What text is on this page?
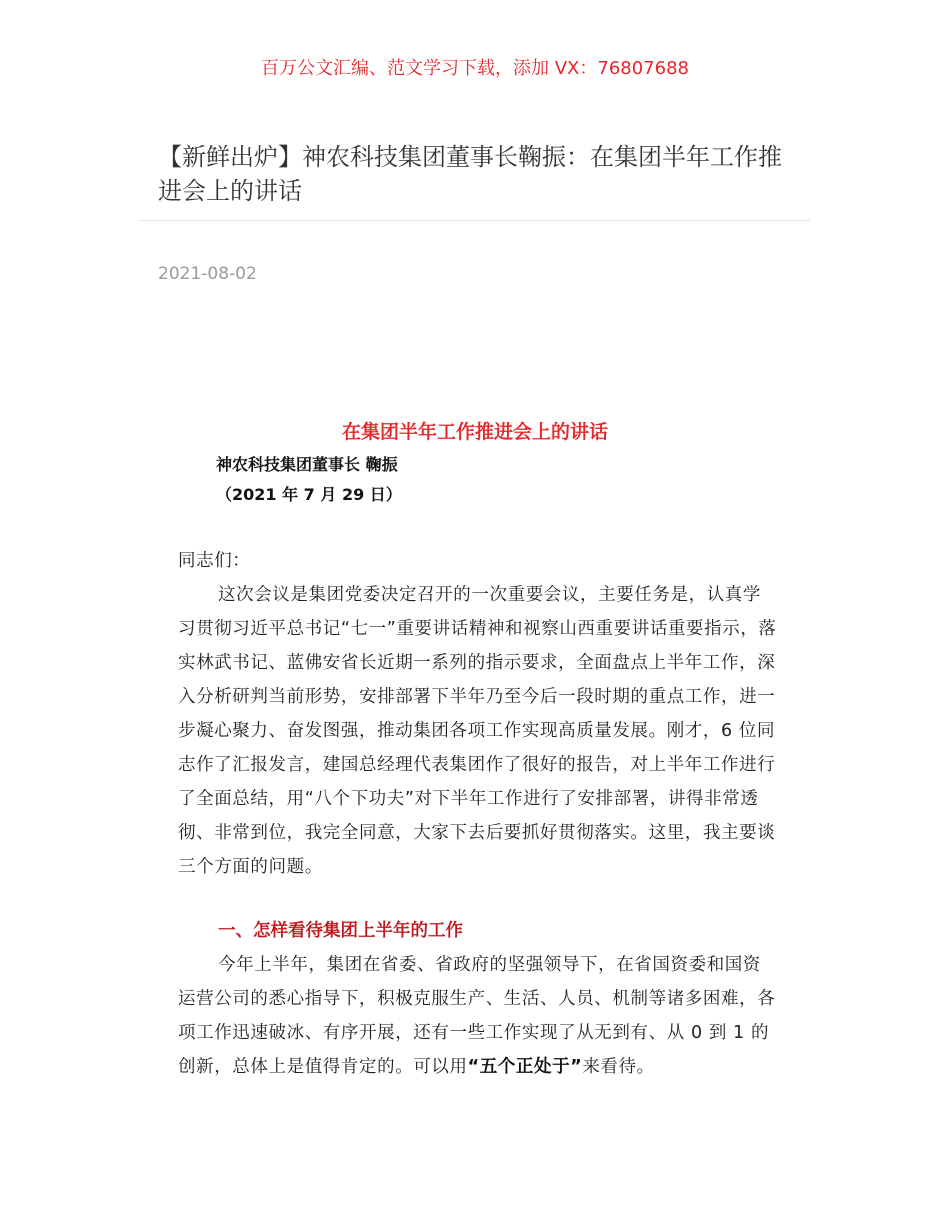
百万公文汇编、范文学习下载，添加 VX：76807688
【新鲜出炉】神农科技集团董事长鞠振：在集团半年工作推进会上的讲话
2021-08-02
在集团半年工作推进会上的讲话
神农科技集团董事长 鞠振
（2021 年 7 月 29 日）

同志们：

这次会议是集团党委决定召开的一次重要会议，主要任务是，认真学习贯彻习近平总书记“七一”重要讲话精神和视察山西重要讲话重要指示，落实林武书记、蓝佛安省长近期一系列的指示要求，全面盘点上半年工作，深入分析研判当前形势，安排部署下半年乃至今后一段时期的重点工作，进一步凝心聚力、奋发图强，推动集团各项工作实现高质量发展。刚才，6 位同志作了汇报发言，建国总经理代表集团作了很好的报告，对上半年工作进行了全面总结，用“八个下功夫”对下半年工作进行了安排部署，讲得非常透彻、非常到位，我完全同意，大家下去后要抓好贯彻落实。这里，我主要谈三个方面的问题。

一、怎样看待集团上半年的工作

今年上半年，集团在省委、省政府的坚强领导下，在省国资委和国资运营公司的悉心指导下，积极克服生产、生活、人员、机制等诸多困难，各项工作迅速破冰、有序开展，还有一些工作实现了从无到有、从 0 到 1 的创新，总体上是值得肯定的。可以用“五个正处于”来看待。
